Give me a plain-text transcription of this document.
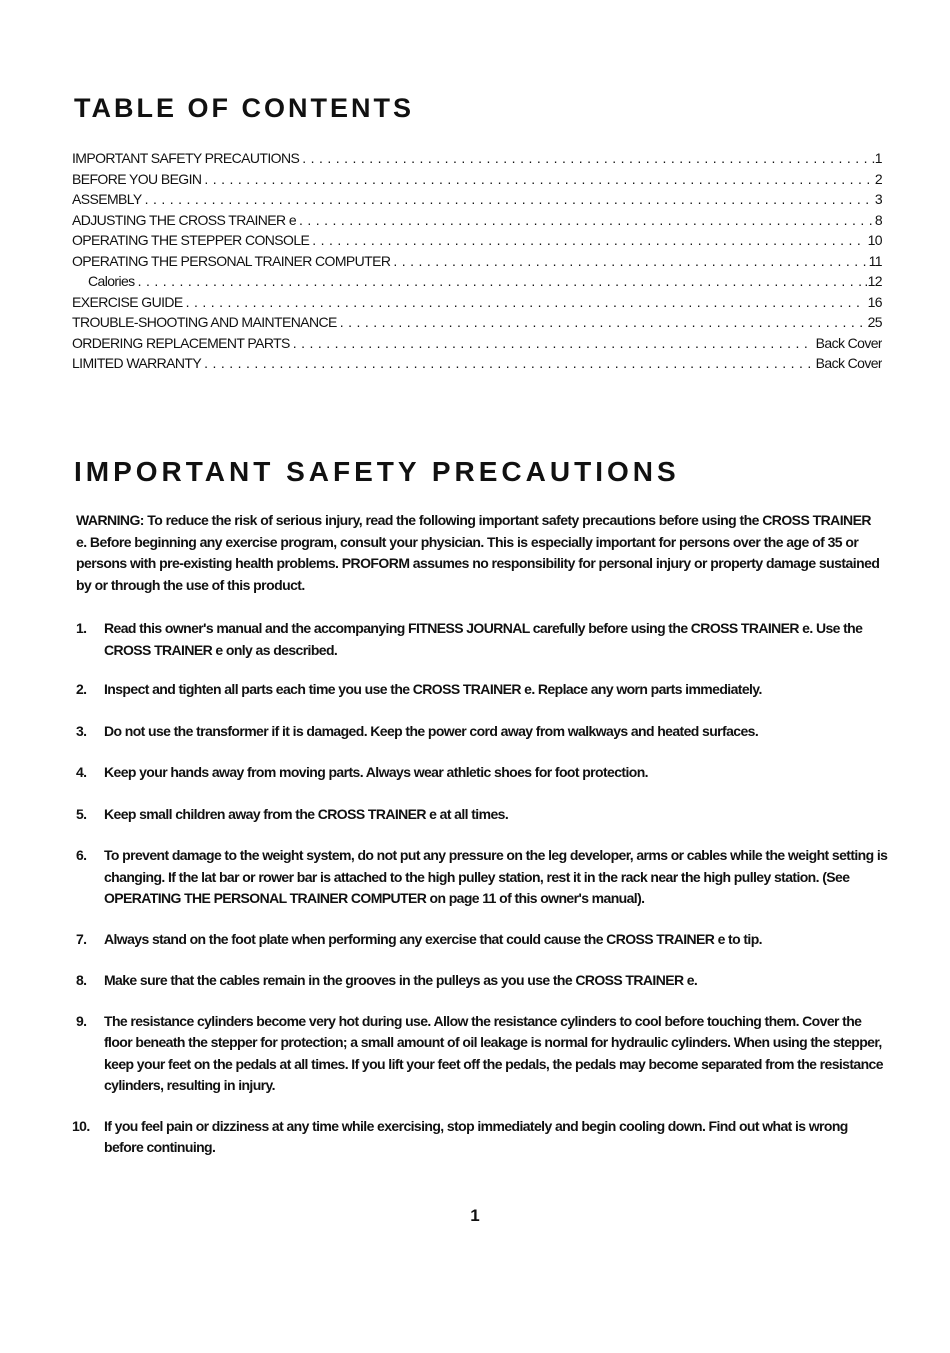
TABLE OF CONTENTS
IMPORTANT SAFETY PRECAUTIONS . . .	.1
BEFORE YOU BEGIN . . .	2
ASSEMBLY . . .	3
ADJUSTING THE CROSS TRAINER e . . .	8
OPERATING THE STEPPER CONSOLE . . .	10
OPERATING THE PERSONAL TRAINER COMPUTER . . .	11
Calories . . .	.12
EXERCISE GUIDE . . .	16
TROUBLE-SHOOTING AND MAINTENANCE . . .	25
ORDERING REPLACEMENT PARTS . . .	Back Cover
LIMITED WARRANTY . . .	Back Cover
IMPORTANT SAFETY PRECAUTIONS

WARNING: To reduce the risk of serious injury, read the following important safety precautions before using the CROSS TRAINER e. Before beginning any exercise program, consult your physician. This is especially important for persons over the age of 35 or persons with pre-existing health problems. PROFORM assumes no responsibility for personal injury or property damage sustained by or through the use of this product.

1. Read this owner's manual and the accompanying FITNESS JOURNAL carefully before using the CROSS TRAINER e. Use the CROSS TRAINER e only as described.
2. Inspect and tighten all parts each time you use the CROSS TRAINER e. Replace any worn parts immediately.
3. Do not use the transformer if it is damaged. Keep the power cord away from walkways and heated surfaces.
4. Keep your hands away from moving parts. Always wear athletic shoes for foot protection.
5. Keep small children away from the CROSS TRAINER e at all times.
6. To prevent damage to the weight system, do not put any pressure on the leg developer, arms or cables while the weight setting is changing. If the lat bar or rower bar is attached to the high pulley station, rest it in the rack near the high pulley station. (See OPERATING THE PERSONAL TRAINER COMPUTER on page 11 of this owner's manual).
7. Always stand on the foot plate when performing any exercise that could cause the CROSS TRAINER e to tip.
8. Make sure that the cables remain in the grooves in the pulleys as you use the CROSS TRAINER e.
9. The resistance cylinders become very hot during use. Allow the resistance cylinders to cool before touching them. Cover the floor beneath the stepper for protection; a small amount of oil leakage is normal for hydraulic cylinders. When using the stepper, keep your feet on the pedals at all times. If you lift your feet off the pedals, the pedals may become separated from the resistance cylinders, resulting in injury.
10. If you feel pain or dizziness at any time while exercising, stop immediately and begin cooling down. Find out what is wrong before continuing.
1
